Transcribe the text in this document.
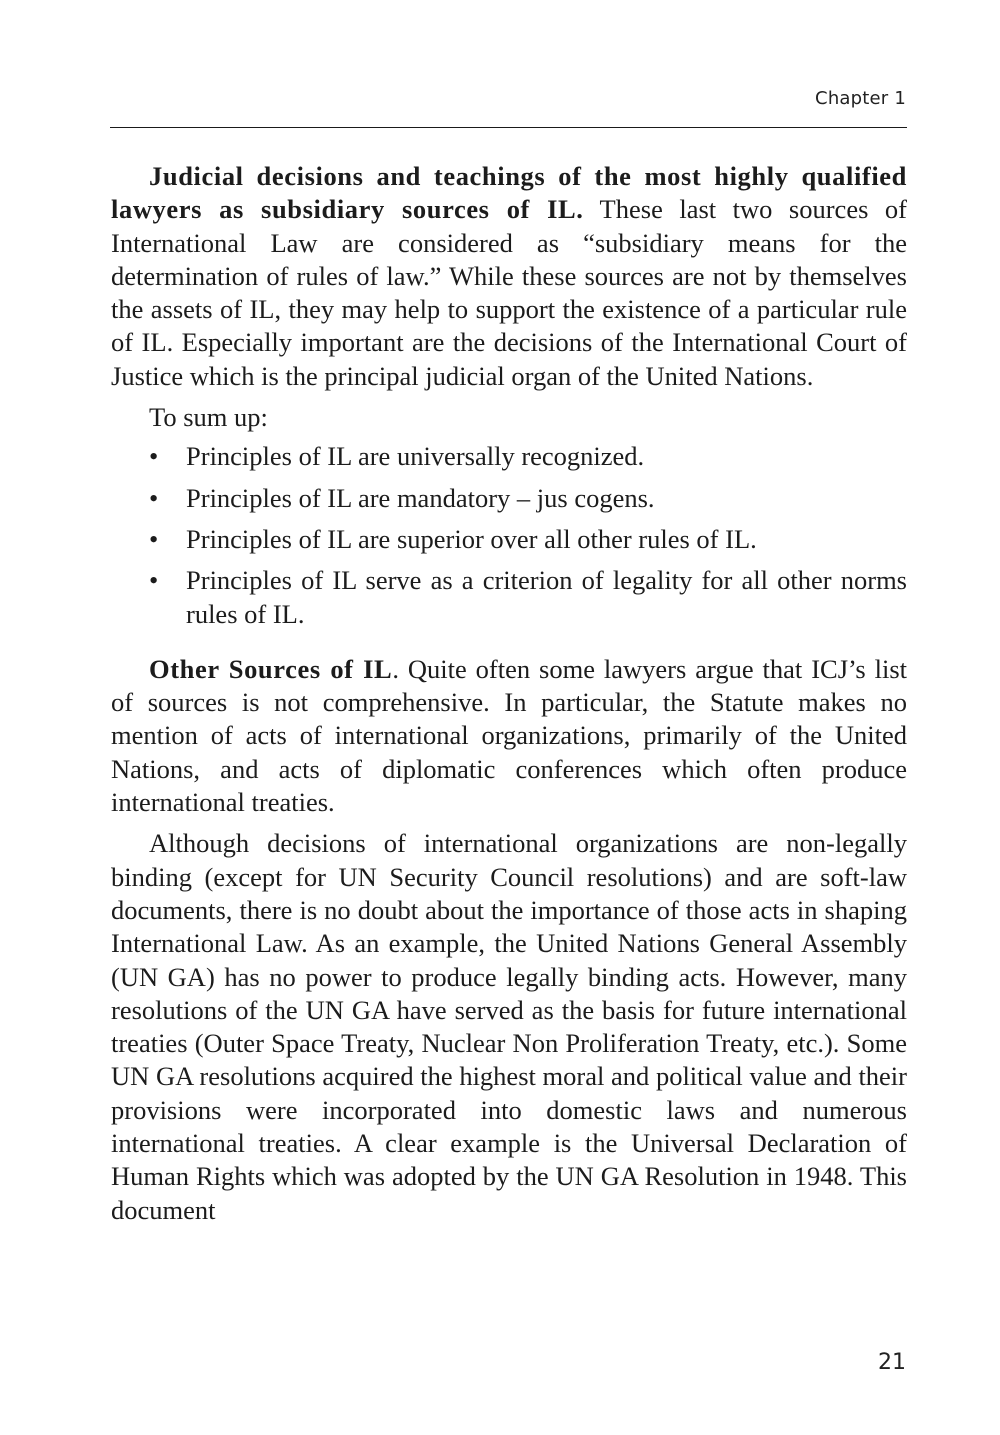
Chapter 1

Judicial decisions and teachings of the most highly qualified lawyers as subsidiary sources of IL. These last two sources of International Law are considered as “subsidiary means for the determination of rules of law.” While these sources are not by themselves the assets of IL, they may help to support the existence of a particular rule of IL. Especially important are the decisions of the International Court of Justice which is the principal judicial organ of the United Nations.

To sum up:

• Principles of IL are universally recognized.
• Principles of IL are mandatory – jus cogens.
• Principles of IL are superior over all other rules of IL.
• Principles of IL serve as a criterion of legality for all other norms rules of IL.

Other Sources of IL. Quite often some lawyers argue that ICJ’s list of sources is not comprehensive. In particular, the Statute makes no mention of acts of international organizations, primarily of the United Nations, and acts of diplomatic conferences which often produce international treaties.

Although decisions of international organizations are non-legally binding (except for UN Security Council resolutions) and are soft-law documents, there is no doubt about the importance of those acts in shaping International Law. As an example, the United Nations General Assembly (UN GA) has no power to produce legally binding acts. However, many resolutions of the UN GA have served as the basis for future international treaties (Outer Space Treaty, Nuclear Non Proliferation Treaty, etc.). Some UN GA resolutions acquired the highest moral and political value and their provisions were incorporated into domestic laws and numerous international treaties. A clear example is the Universal Declaration of Human Rights which was adopted by the UN GA Resolution in 1948. This document

21
